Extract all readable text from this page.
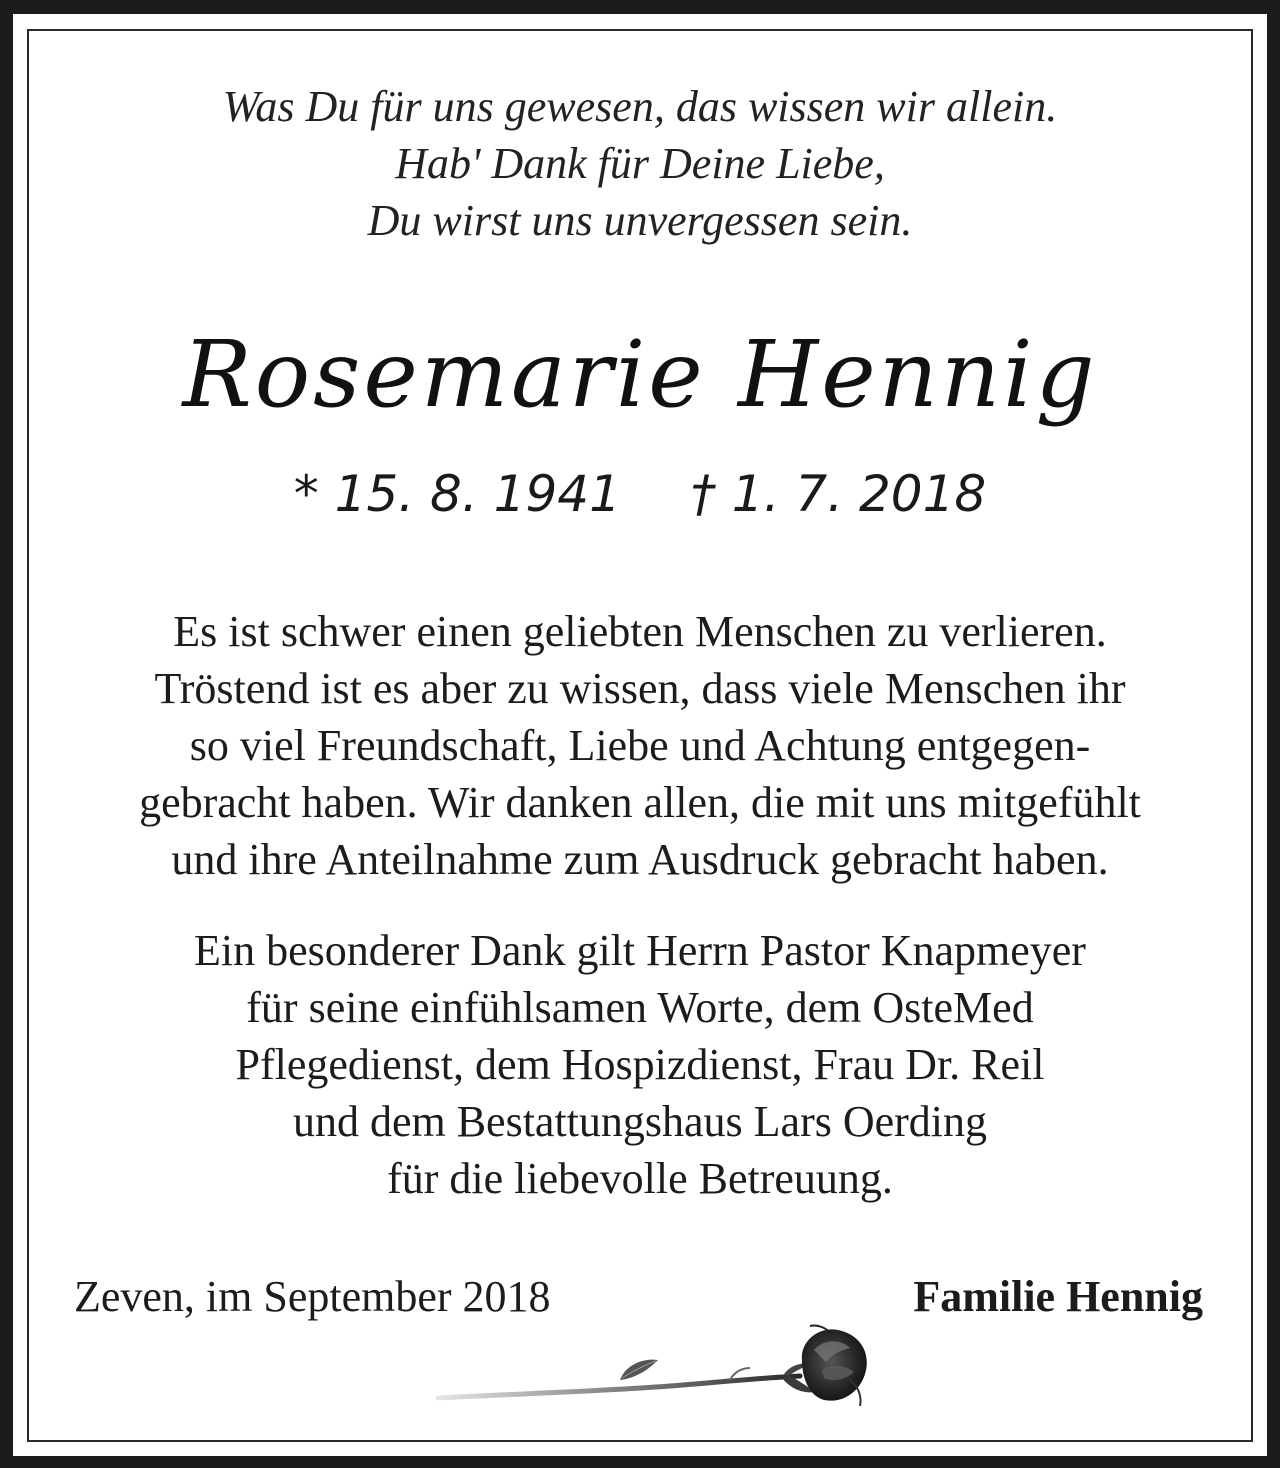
Was Du für uns gewesen, das wissen wir allein.
Hab' Dank für Deine Liebe,
Du wirst uns unvergessen sein.
Rosemarie Hennig
* 15. 8. 1941 † 1. 7. 2018
Es ist schwer einen geliebten Menschen zu verlieren.
Tröstend ist es aber zu wissen, dass viele Menschen ihr
so viel Freundschaft, Liebe und Achtung entgegen-
gebracht haben. Wir danken allen, die mit uns mitgefühlt
und ihre Anteilnahme zum Ausdruck gebracht haben.
Ein besonderer Dank gilt Herrn Pastor Knapmeyer
für seine einfühlsamen Worte, dem OsteMed
Pflegedienst, dem Hospizdienst, Frau Dr. Reil
und dem Bestattungshaus Lars Oerding
für die liebevolle Betreuung.
Zeven, im September 2018	Familie Hennig
